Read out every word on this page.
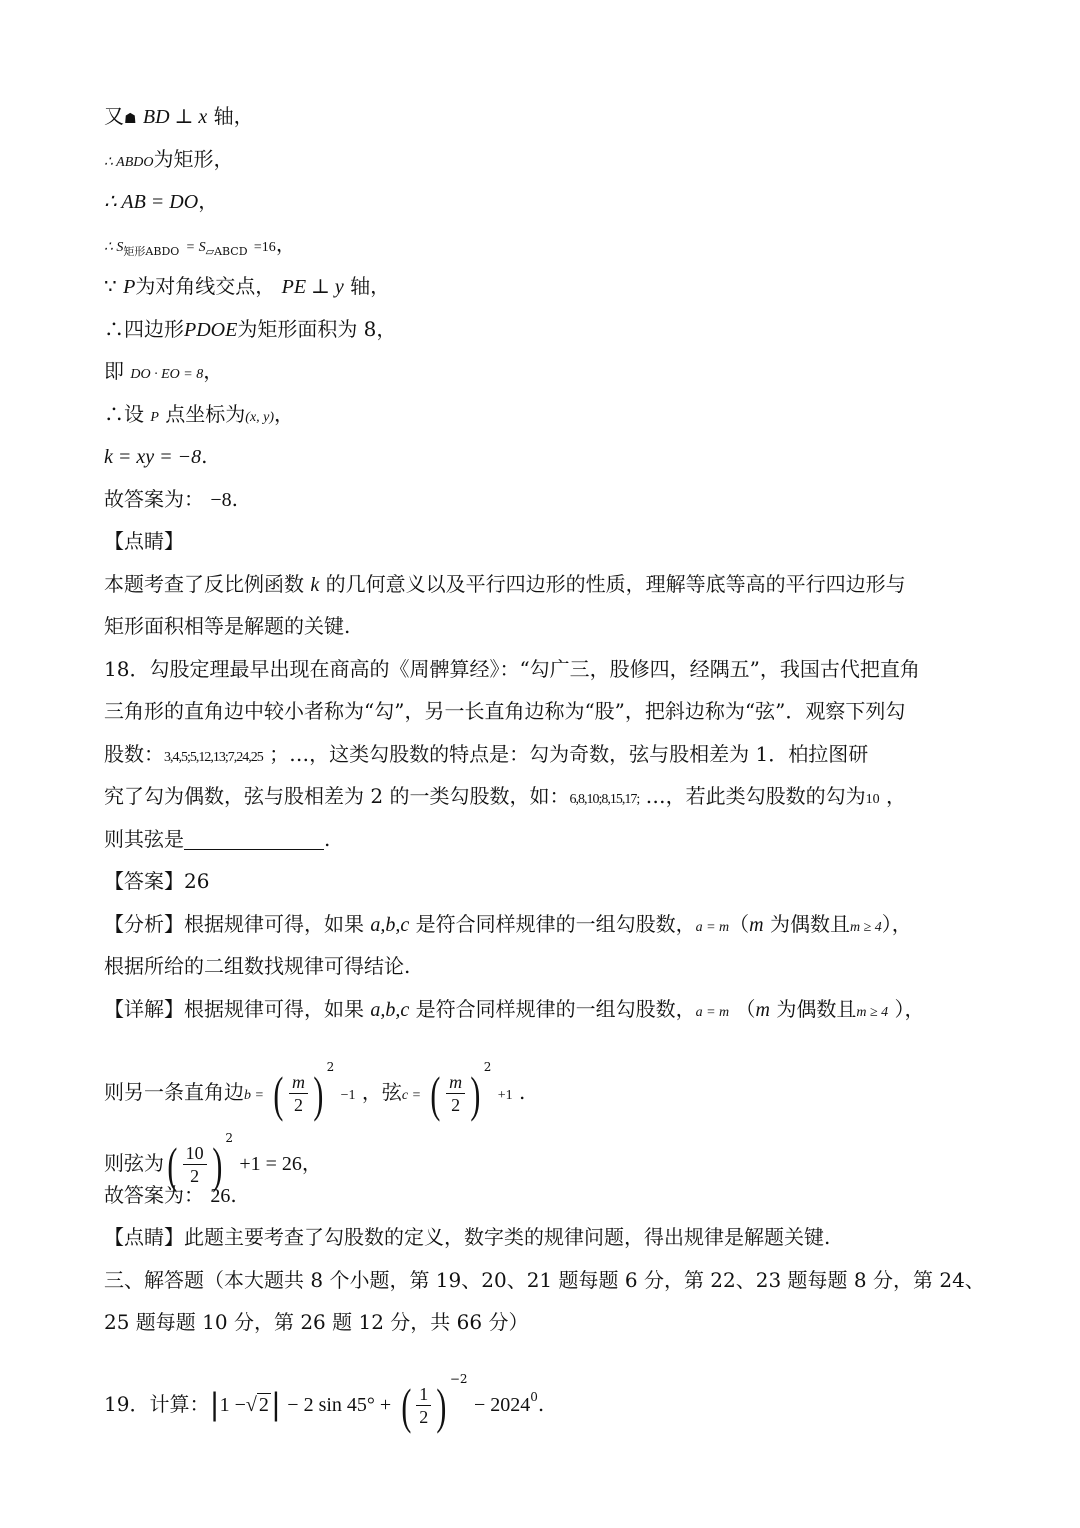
又☗ BD ⊥ x 轴，
∴ ABDO为矩形，
∴ AB = DO，
∴ $S_{矩形ABDO} = S_{▱ABCD} =16$，
∵ P为对角线交点， PE ⊥ y 轴，
∴四边形PDOE为矩形面积为 8，
即 DO · EO = 8，
∴设 P 点坐标为(x, y)，
k = xy = −8.
故答案为： −8.
【点睛】
本题考查了反比例函数 k 的几何意义以及平行四边形的性质，理解等底等高的平行四边形与
矩形面积相等是解题的关键.
18．勾股定理最早出现在商高的《周髀算经》：“勾广三，股修四，经隅五”，我国古代把直角
三角形的直角边中较小者称为“勾”，另一长直角边称为“股”，把斜边称为“弦”．观察下列勾
股数：3,4,5;5,12,13;7,24,25 ；…，这类勾股数的特点是：勾为奇数，弦与股相差为 1．柏拉图研
究了勾为偶数，弦与股相差为 2 的一类勾股数，如：6,8,10;8,15,17; …，若此类勾股数的勾为10 ，
则其弦是	.
【答案】26
【分析】根据规律可得，如果 a,b,c 是符合同样规律的一组勾股数，a = m（m 为偶数且m ≥ 4），
根据所给的二组数找规律可得结论.
【详解】根据规律可得，如果 a,b,c 是符合同样规律的一组勾股数，a = m （m 为偶数且m ≥ 4 ），
则另一条直角边b = ( $\frac{m}{2}$ ) $^2$ −1 ，弦c = ( $\frac{m}{2}$ ) $^2$ +1 .
则弦为 ( $\frac{10}{2}$ ) $^2$ +1 = 26，
故答案为： 26.
【点睛】此题主要考查了勾股数的定义，数字类的规律问题，得出规律是解题关键.
三、解答题（本大题共 8 个小题，第 19、20、21 题每题 6 分，第 22、23 题每题 8 分，第 24、
25 题每题 10 分，第 26 题 12 分，共 66 分）
19．计算：|1 −√ 2| − 2 sin 45° + ( $\frac{1}{2}$ ) $^{-2} - 2024^0$.
